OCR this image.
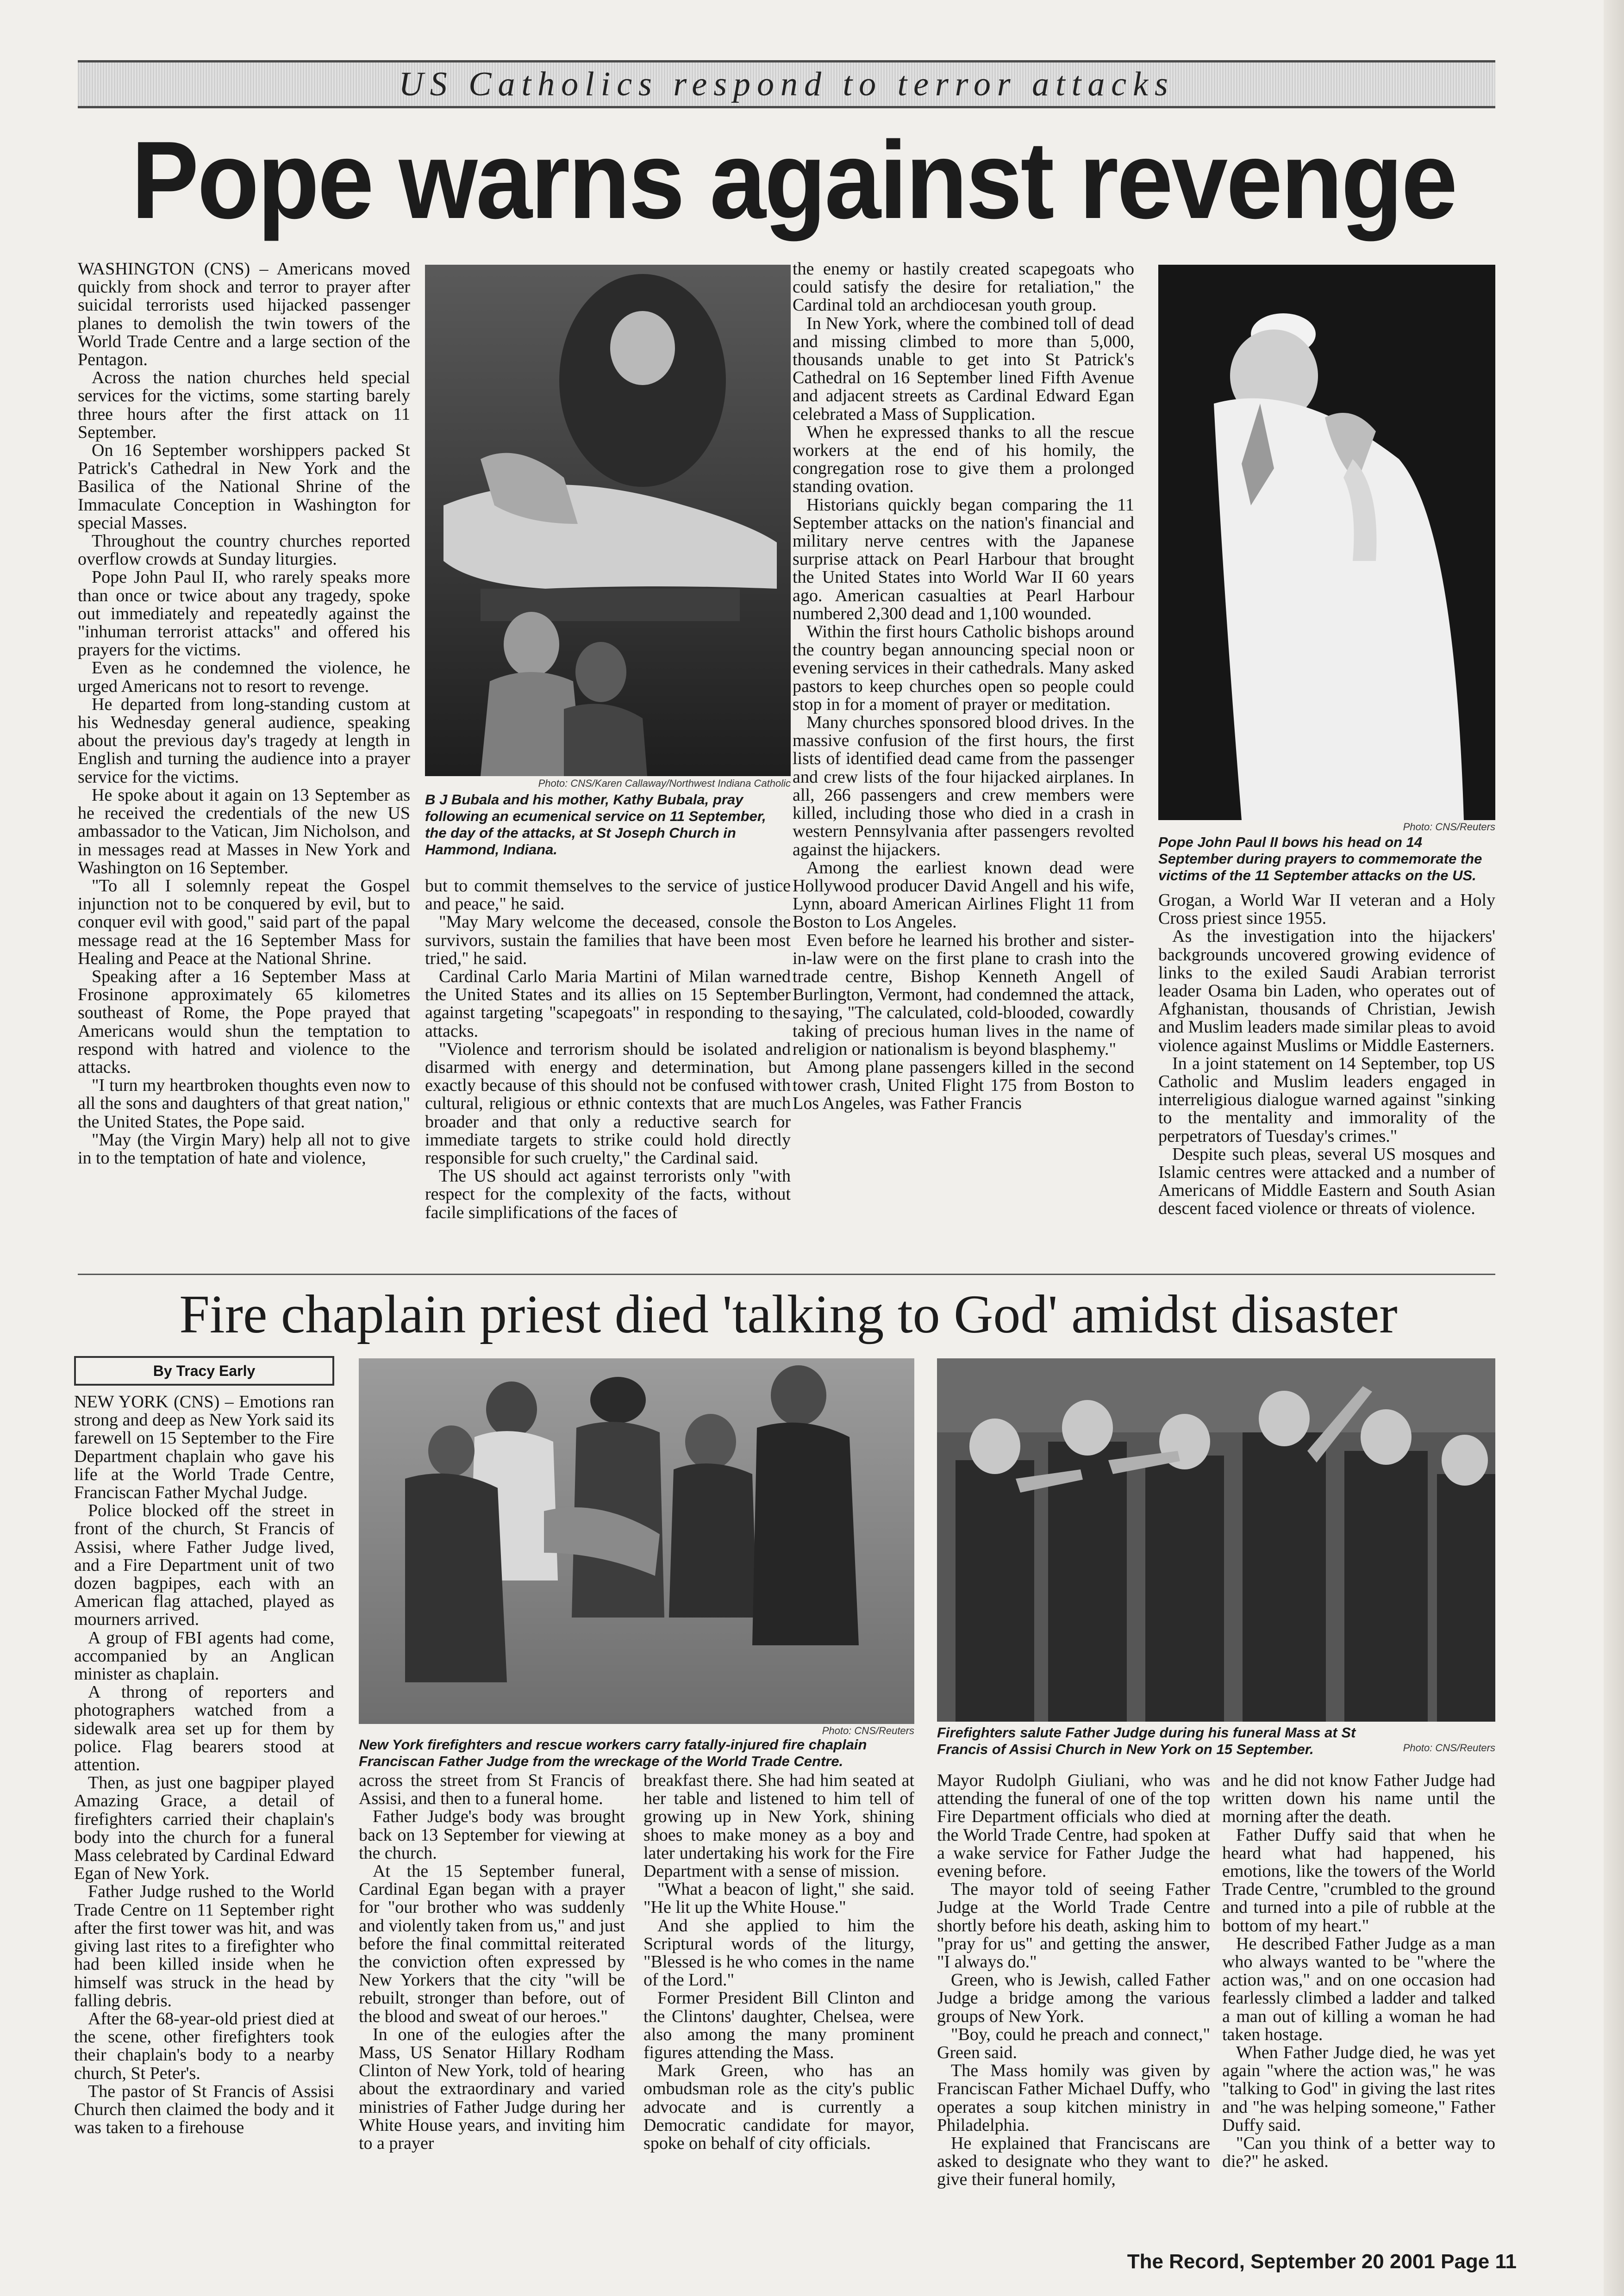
US Catholics respond to terror attacks
Pope warns against revenge

WASHINGTON (CNS) – Americans moved quickly from shock and terror to prayer after suicidal terrorists used hijacked passenger planes to demolish the twin towers of the World Trade Centre and a large section of the Pentagon.

Across the nation churches held special services for the victims, some starting barely three hours after the first attack on 11 September.

On 16 September worshippers packed St Patrick's Cathedral in New York and the Basilica of the National Shrine of the Immaculate Conception in Washington for special Masses.

Throughout the country churches reported overflow crowds at Sunday liturgies.

Pope John Paul II, who rarely speaks more than once or twice about any tragedy, spoke out immediately and repeatedly against the "inhuman terrorist attacks" and offered his prayers for the victims.

Even as he condemned the violence, he urged Americans not to resort to revenge.

He departed from long-standing custom at his Wednesday general audience, speaking about the previous day's tragedy at length in English and turning the audience into a prayer service for the victims.

He spoke about it again on 13 September as he received the credentials of the new US ambassador to the Vatican, Jim Nicholson, and in messages read at Masses in New York and Washington on 16 September.

"To all I solemnly repeat the Gospel injunction not to be conquered by evil, but to conquer evil with good," said part of the papal message read at the 16 September Mass for Healing and Peace at the National Shrine.

Speaking after a 16 September Mass at Frosinone approximately 65 kilometres southeast of Rome, the Pope prayed that Americans would shun the temptation to respond with hatred and violence to the attacks.

"I turn my heartbroken thoughts even now to all the sons and daughters of that great nation," the United States, the Pope said.

"May (the Virgin Mary) help all not to give in to the temptation of hate and violence,

Photo: CNS/Karen Callaway/Northwest Indiana Catholic
B J Bubala and his mother, Kathy Bubala, pray following an ecumenical service on 11 September, the day of the attacks, at St Joseph Church in Hammond, Indiana.

but to commit themselves to the service of justice and peace," he said.

"May Mary welcome the deceased, console the survivors, sustain the families that have been most tried," he said.

Cardinal Carlo Maria Martini of Milan warned the United States and its allies on 15 September against targeting "scapegoats" in responding to the attacks.

"Violence and terrorism should be isolated and disarmed with energy and determination, but exactly because of this should not be confused with cultural, religious or ethnic contexts that are much broader and that only a reductive search for immediate targets to strike could hold directly responsible for such cruelty," the Cardinal said.

The US should act against terrorists only "with respect for the complexity of the facts, without facile simplifications of the faces of

the enemy or hastily created scapegoats who could satisfy the desire for retaliation," the Cardinal told an archdiocesan youth group.

In New York, where the combined toll of dead and missing climbed to more than 5,000, thousands unable to get into St Patrick's Cathedral on 16 September lined Fifth Avenue and adjacent streets as Cardinal Edward Egan celebrated a Mass of Supplication.

When he expressed thanks to all the rescue workers at the end of his homily, the congregation rose to give them a prolonged standing ovation.

Historians quickly began comparing the 11 September attacks on the nation's financial and military nerve centres with the Japanese surprise attack on Pearl Harbour that brought the United States into World War II 60 years ago. American casualties at Pearl Harbour numbered 2,300 dead and 1,100 wounded.

Within the first hours Catholic bishops around the country began announcing special noon or evening services in their cathedrals. Many asked pastors to keep churches open so people could stop in for a moment of prayer or meditation.

Many churches sponsored blood drives. In the massive confusion of the first hours, the first lists of identified dead came from the passenger and crew lists of the four hijacked airplanes. In all, 266 passengers and crew members were killed, including those who died in a crash in western Pennsylvania after passengers revolted against the hijackers.

Among the earliest known dead were Hollywood producer David Angell and his wife, Lynn, aboard American Airlines Flight 11 from Boston to Los Angeles.

Even before he learned his brother and sister-in-law were on the first plane to crash into the trade centre, Bishop Kenneth Angell of Burlington, Vermont, had condemned the attack, saying, "The calculated, cold-blooded, cowardly taking of precious human lives in the name of religion or nationalism is beyond blasphemy."

Among plane passengers killed in the second tower crash, United Flight 175 from Boston to Los Angeles, was Father Francis

Photo: CNS/Reuters
Pope John Paul II bows his head on 14 September during prayers to commemorate the victims of the 11 September attacks on the US.

Grogan, a World War II veteran and a Holy Cross priest since 1955.

As the investigation into the hijackers' backgrounds uncovered growing evidence of links to the exiled Saudi Arabian terrorist leader Osama bin Laden, who operates out of Afghanistan, thousands of Christian, Jewish and Muslim leaders made similar pleas to avoid violence against Muslims or Middle Easterners.

In a joint statement on 14 September, top US Catholic and Muslim leaders engaged in interreligious dialogue warned against "sinking to the mentality and immorality of the perpetrators of Tuesday's crimes."

Despite such pleas, several US mosques and Islamic centres were attacked and a number of Americans of Middle Eastern and South Asian descent faced violence or threats of violence.

Fire chaplain priest died 'talking to God' amidst disaster
By Tracy Early

NEW YORK (CNS) – Emotions ran strong and deep as New York said its farewell on 15 September to the Fire Department chaplain who gave his life at the World Trade Centre, Franciscan Father Mychal Judge.

Police blocked off the street in front of the church, St Francis of Assisi, where Father Judge lived, and a Fire Department unit of two dozen bagpipes, each with an American flag attached, played as mourners arrived.

A group of FBI agents had come, accompanied by an Anglican minister as chaplain.

A throng of reporters and photographers watched from a sidewalk area set up for them by police. Flag bearers stood at attention.

Then, as just one bagpiper played Amazing Grace, a detail of firefighters carried their chaplain's body into the church for a funeral Mass celebrated by Cardinal Edward Egan of New York.

Father Judge rushed to the World Trade Centre on 11 September right after the first tower was hit, and was giving last rites to a firefighter who had been killed inside when he himself was struck in the head by falling debris.

After the 68-year-old priest died at the scene, other firefighters took their chaplain's body to a nearby church, St Peter's.

The pastor of St Francis of Assisi Church then claimed the body and it was taken to a firehouse

Photo: CNS/Reuters
New York firefighters and rescue workers carry fatally-injured fire chaplain Franciscan Father Judge from the wreckage of the World Trade Centre.
Firefighters salute Father Judge during his funeral Mass at St Francis of Assisi Church in New York on 15 September.	Photo: CNS/Reuters

across the street from St Francis of Assisi, and then to a funeral home.

Father Judge's body was brought back on 13 September for viewing at the church.

At the 15 September funeral, Cardinal Egan began with a prayer for "our brother who was suddenly and violently taken from us," and just before the final committal reiterated the conviction often expressed by New Yorkers that the city "will be rebuilt, stronger than before, out of the blood and sweat of our heroes."

In one of the eulogies after the Mass, US Senator Hillary Rodham Clinton of New York, told of hearing about the extraordinary and varied ministries of Father Judge during her White House years, and inviting him to a prayer

breakfast there. She had him seated at her table and listened to him tell of growing up in New York, shining shoes to make money as a boy and later undertaking his work for the Fire Department with a sense of mission.

"What a beacon of light," she said. "He lit up the White House."

And she applied to him the Scriptural words of the liturgy, "Blessed is he who comes in the name of the Lord."

Former President Bill Clinton and the Clintons' daughter, Chelsea, were also among the many prominent figures attending the Mass.

Mark Green, who has an ombudsman role as the city's public advocate and is currently a Democratic candidate for mayor, spoke on behalf of city officials.

Mayor Rudolph Giuliani, who was attending the funeral of one of the top Fire Department officials who died at the World Trade Centre, had spoken at a wake service for Father Judge the evening before.

The mayor told of seeing Father Judge at the World Trade Centre shortly before his death, asking him to "pray for us" and getting the answer, "I always do."

Green, who is Jewish, called Father Judge a bridge among the various groups of New York.

"Boy, could he preach and connect," Green said.

The Mass homily was given by Franciscan Father Michael Duffy, who operates a soup kitchen ministry in Philadelphia.

He explained that Franciscans are asked to designate who they want to give their funeral homily,

and he did not know Father Judge had written down his name until the morning after the death.

Father Duffy said that when he heard what had happened, his emotions, like the towers of the World Trade Centre, "crumbled to the ground and turned into a pile of rubble at the bottom of my heart."

He described Father Judge as a man who always wanted to be "where the action was," and on one occasion had fearlessly climbed a ladder and talked a man out of killing a woman he had taken hostage.

When Father Judge died, he was yet again "where the action was," he was "talking to God" in giving the last rites and "he was helping someone," Father Duffy said.

"Can you think of a better way to die?" he asked.

The Record, September 20 2001 Page 11
